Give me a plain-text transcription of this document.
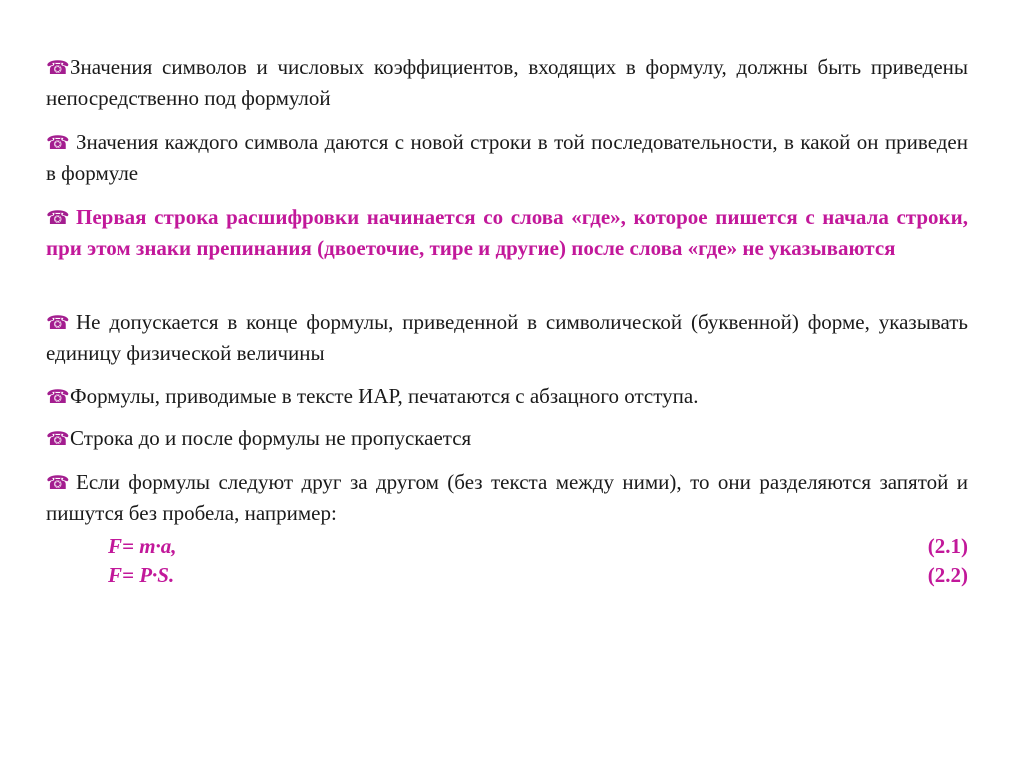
☎Значения символов и числовых коэффициентов, входящих в формулу, должны быть приведены непосредственно под формулой
☎ Значения каждого символа даются с новой строки в той последовательности, в какой он приведен в формуле
☎ Первая строка расшифровки начинается со слова «где», которое пишется с начала строки, при этом знаки препинания (двоеточие, тире и другие) после слова «где» не указываются
☎ Не допускается в конце формулы, приведенной в символической (буквенной) форме, указывать единицу физической величины
☎Формулы, приводимые в тексте ИАР, печатаются с абзацного отступа.
☎Строка до и после формулы не пропускается
☎ Если формулы следуют друг за другом (без текста между ними), то они разделяются запятой и пишутся без пробела, например:
F= m·a,	(2.1)
F= P·S.	(2.2)
